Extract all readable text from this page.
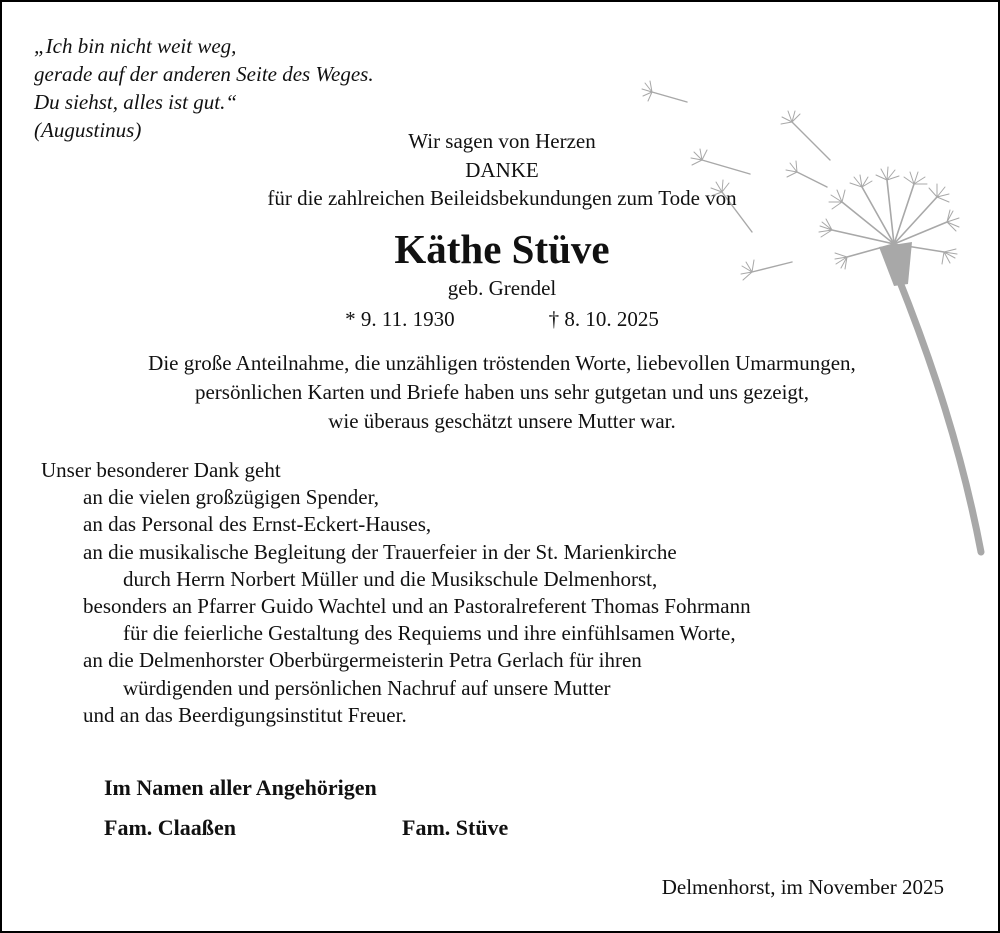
„Ich bin nicht weit weg,
gerade auf der anderen Seite des Weges.
Du siehst, alles ist gut.“
(Augustinus)	Wir sagen von Herzen
DANKE
für die zahlreichen Beileidsbekundungen zum Tode von
Käthe Stüve
geb. Grendel
* 9. 11. 1930	† 8. 10. 2025
Die große Anteilnahme, die unzähligen tröstenden Worte, liebevollen Umarmungen,
persönlichen Karten und Briefe haben uns sehr gutgetan und uns gezeigt,
wie überaus geschätzt unsere Mutter war.
Unser besonderer Dank geht
an die vielen großzügigen Spender,
an das Personal des Ernst-Eckert-Hauses,
an die musikalische Begleitung der Trauerfeier in der St. Marienkirche
durch Herrn Norbert Müller und die Musikschule Delmenhorst,
besonders an Pfarrer Guido Wachtel und an Pastoralreferent Thomas Fohrmann
für die feierliche Gestaltung des Requiems und ihre einfühlsamen Worte,
an die Delmenhorster Oberbürgermeisterin Petra Gerlach für ihren
würdigenden und persönlichen Nachruf auf unsere Mutter
und an das Beerdigungsinstitut Freuer.
Im Namen aller Angehörigen
Fam. Claaßen	Fam. Stüve
Delmenhorst, im November 2025
